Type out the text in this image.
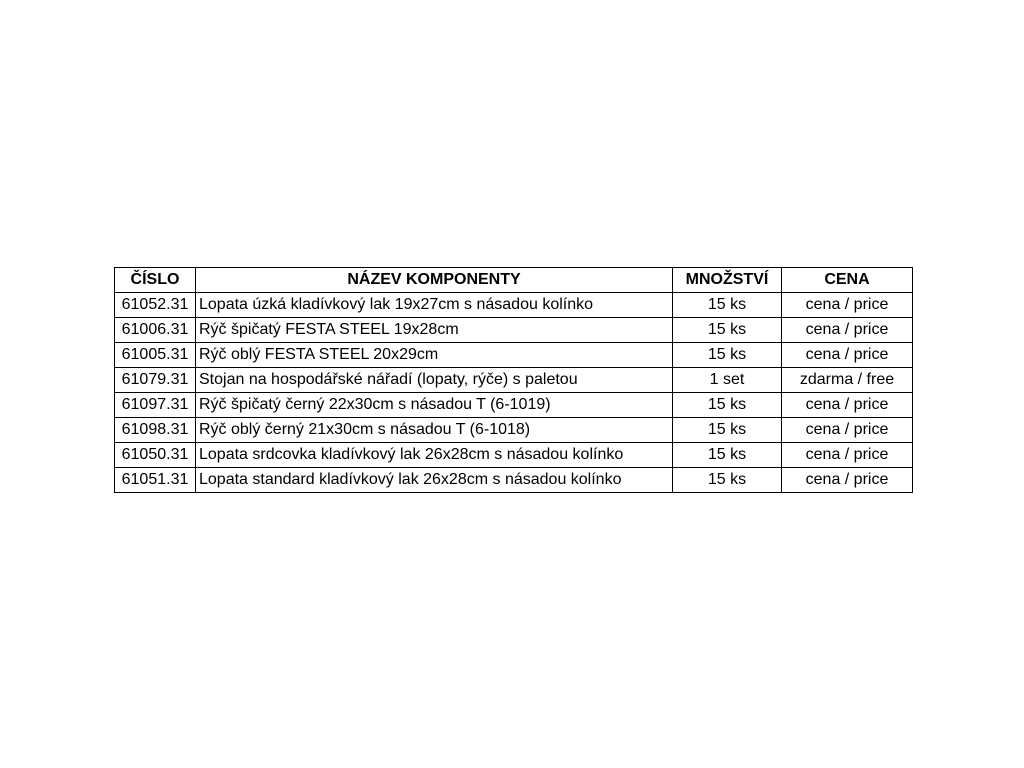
ČÍSLO	NÁZEV KOMPONENTY	MNOŽSTVÍ	CENA
61052.31	Lopata úzká kladívkový lak 19x27cm s násadou kolínko	15 ks	cena / price
61006.31	Rýč špičatý FESTA STEEL 19x28cm	15 ks	cena / price
61005.31	Rýč oblý FESTA STEEL 20x29cm	15 ks	cena / price
61079.31	Stojan na hospodářské nářadí (lopaty, rýče) s paletou	1 set	zdarma / free
61097.31	Rýč špičatý černý 22x30cm s násadou T (6-1019)	15 ks	cena / price
61098.31	Rýč oblý černý 21x30cm s násadou T (6-1018)	15 ks	cena / price
61050.31	Lopata srdcovka kladívkový lak 26x28cm s násadou kolínko	15 ks	cena / price
61051.31	Lopata standard kladívkový lak 26x28cm s násadou kolínko	15 ks	cena / price
